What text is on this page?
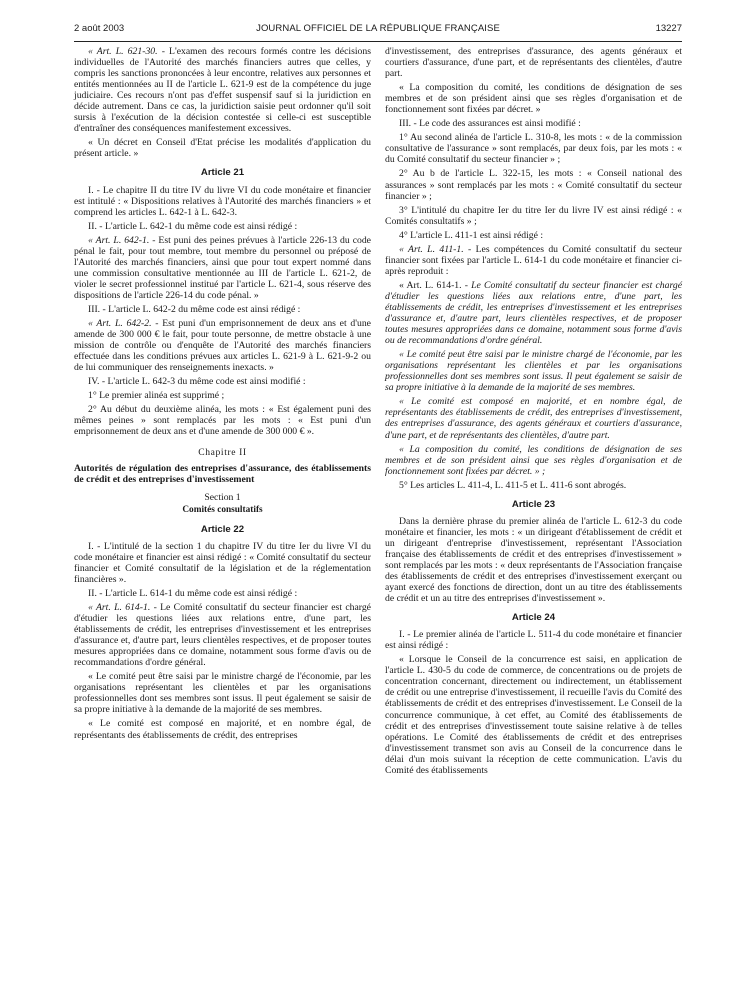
2 août 2003	JOURNAL OFFICIEL DE LA RÉPUBLIQUE FRANÇAISE	13227

« Art. L. 621-30. - L'examen des recours formés contre les décisions individuelles de l'Autorité des marchés financiers autres que celles, y compris les sanctions prononcées à leur encontre, relatives aux personnes et entités mentionnées au II de l'article L. 621-9 est de la compétence du juge judiciaire. Ces recours n'ont pas d'effet suspensif sauf si la juridiction en décide autrement. Dans ce cas, la juridiction saisie peut ordonner qu'il soit sursis à l'exécution de la décision contestée si celle-ci est susceptible d'entraîner des conséquences manifestement excessives.

« Un décret en Conseil d'Etat précise les modalités d'application du présent article. »

Article 21

I. - Le chapitre II du titre IV du livre VI du code monétaire et financier est intitulé : « Dispositions relatives à l'Autorité des marchés financiers » et comprend les articles L. 642-1 à L. 642-3.

II. - L'article L. 642-1 du même code est ainsi rédigé :

« Art. L. 642-1. - Est puni des peines prévues à l'article 226-13 du code pénal le fait, pour tout membre, tout membre du personnel ou préposé de l'Autorité des marchés financiers, ainsi que pour tout expert nommé dans une commission consultative mentionnée au III de l'article L. 621-2, de violer le secret professionnel institué par l'article L. 621-4, sous réserve des dispositions de l'article 226-14 du code pénal. »

III. - L'article L. 642-2 du même code est ainsi rédigé :

« Art. L. 642-2. - Est puni d'un emprisonnement de deux ans et d'une amende de 300 000 € le fait, pour toute personne, de mettre obstacle à une mission de contrôle ou d'enquête de l'Autorité des marchés financiers effectuée dans les conditions prévues aux articles L. 621-9 à L. 621-9-2 ou de lui communiquer des renseignements inexacts. »

IV. - L'article L. 642-3 du même code est ainsi modifié :

1° Le premier alinéa est supprimé ;

2° Au début du deuxième alinéa, les mots : « Est également puni des mêmes peines » sont remplacés par les mots : « Est puni d'un emprisonnement de deux ans et d'une amende de 300 000 € ».

Chapitre II
Autorités de régulation des entreprises d'assurance, des établissements de crédit et des entreprises d'investissement
Section 1
Comités consultatifs
Article 22

I. - L'intitulé de la section 1 du chapitre IV du titre Ier du livre VI du code monétaire et financier est ainsi rédigé : « Comité consultatif du secteur financier et Comité consultatif de la législation et de la réglementation financières ».

II. - L'article L. 614-1 du même code est ainsi rédigé :

« Art. L. 614-1. - Le Comité consultatif du secteur financier est chargé d'étudier les questions liées aux relations entre, d'une part, les établissements de crédit, les entreprises d'investissement et les entreprises d'assurance et, d'autre part, leurs clientèles respectives, et de proposer toutes mesures appropriées dans ce domaine, notamment sous forme d'avis ou de recommandations d'ordre général.

« Le comité peut être saisi par le ministre chargé de l'économie, par les organisations représentant les clientèles et par les organisations professionnelles dont ses membres sont issus. Il peut également se saisir de sa propre initiative à la demande de la majorité de ses membres.

« Le comité est composé en majorité, et en nombre égal, de représentants des établissements de crédit, des entreprises

d'investissement, des entreprises d'assurance, des agents généraux et courtiers d'assurance, d'une part, et de représentants des clientèles, d'autre part.

« La composition du comité, les conditions de désignation de ses membres et de son président ainsi que ses règles d'organisation et de fonctionnement sont fixées par décret. »

III. - Le code des assurances est ainsi modifié :

1° Au second alinéa de l'article L. 310-8, les mots : « de la commission consultative de l'assurance » sont remplacés, par deux fois, par les mots : « du Comité consultatif du secteur financier » ;

2° Au b de l'article L. 322-15, les mots : « Conseil national des assurances » sont remplacés par les mots : « Comité consultatif du secteur financier » ;

3° L'intitulé du chapitre Ier du titre Ier du livre IV est ainsi rédigé : « Comités consultatifs » ;

4° L'article L. 411-1 est ainsi rédigé :

« Art. L. 411-1. - Les compétences du Comité consultatif du secteur financier sont fixées par l'article L. 614-1 du code monétaire et financier ci-après reproduit :

« Art. L. 614-1. - Le Comité consultatif du secteur financier est chargé d'étudier les questions liées aux relations entre, d'une part, les établissements de crédit, les entreprises d'investissement et les entreprises d'assurance et, d'autre part, leurs clientèles respectives, et de proposer toutes mesures appropriées dans ce domaine, notamment sous forme d'avis ou de recommandations d'ordre général.

« Le comité peut être saisi par le ministre chargé de l'économie, par les organisations représentant les clientèles et par les organisations professionnelles dont ses membres sont issus. Il peut également se saisir de sa propre initiative à la demande de la majorité de ses membres.

« Le comité est composé en majorité, et en nombre égal, de représentants des établissements de crédit, des entreprises d'investissement, des entreprises d'assurance, des agents généraux et courtiers d'assurance, d'une part, et de représentants des clientèles, d'autre part.

« La composition du comité, les conditions de désignation de ses membres et de son président ainsi que ses règles d'organisation et de fonctionnement sont fixées par décret. » ;

5° Les articles L. 411-4, L. 411-5 et L. 411-6 sont abrogés.

Article 23

Dans la dernière phrase du premier alinéa de l'article L. 612-3 du code monétaire et financier, les mots : « un dirigeant d'établissement de crédit et un dirigeant d'entreprise d'investissement, représentant l'Association française des établissements de crédit et des entreprises d'investissement » sont remplacés par les mots : « deux représentants de l'Association française des établissements de crédit et des entreprises d'investissement exerçant ou ayant exercé des fonctions de direction, dont un au titre des établissements de crédit et un au titre des entreprises d'investissement ».

Article 24

I. - Le premier alinéa de l'article L. 511-4 du code monétaire et financier est ainsi rédigé :

« Lorsque le Conseil de la concurrence est saisi, en application de l'article L. 430-5 du code de commerce, de concentrations ou de projets de concentration concernant, directement ou indirectement, un établissement de crédit ou une entreprise d'investissement, il recueille l'avis du Comité des établissements de crédit et des entreprises d'investissement. Le Conseil de la concurrence communique, à cet effet, au Comité des établissements de crédit et des entreprises d'investissement toute saisine relative à de telles opérations. Le Comité des établissements de crédit et des entreprises d'investissement transmet son avis au Conseil de la concurrence dans le délai d'un mois suivant la réception de cette communication. L'avis du Comité des établissements
